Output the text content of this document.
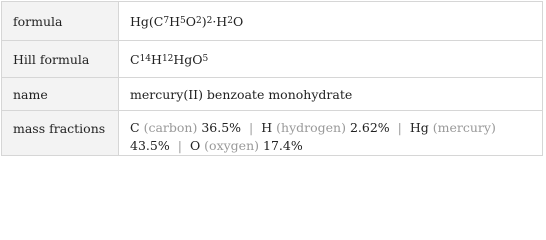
formula	Hg(C 7 H 5 O 2 ) 2 ·H 2 O
Hill formula	C 14 H 12 HgO 5
name	mercury(II) benzoate monohydrate
mass fractions	C (carbon) 36.5% | H (hydrogen) 2.62% | Hg (mercury)
43.5% | O (oxygen) 17.4%
